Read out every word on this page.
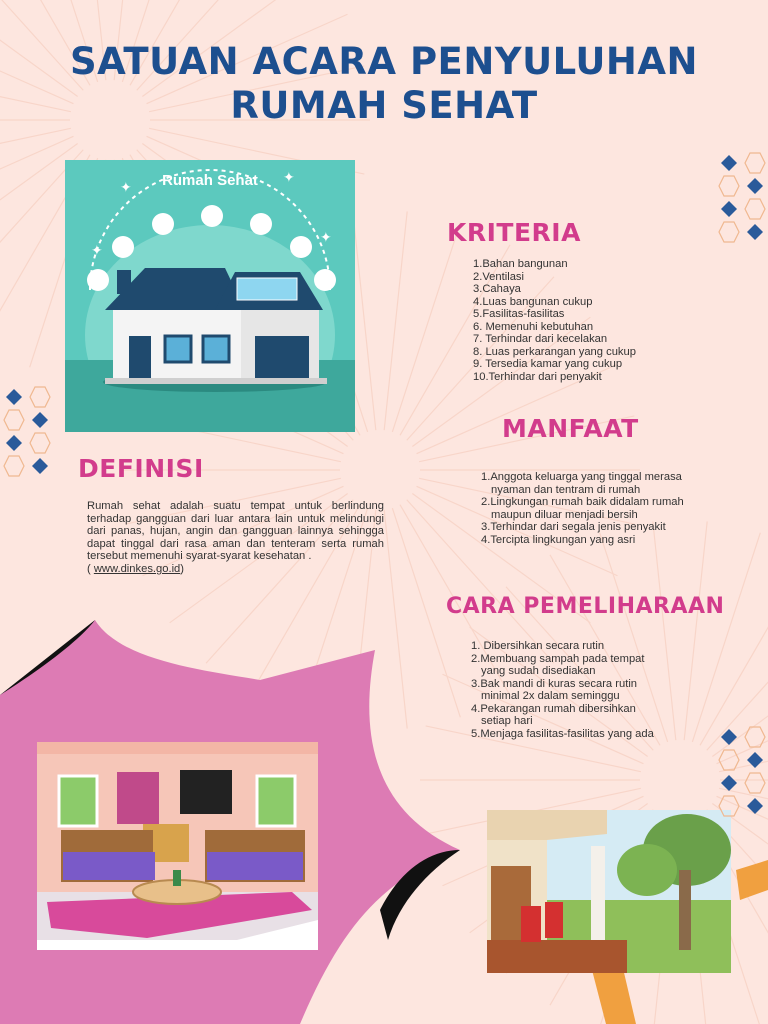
SATUAN ACARA PENYULUHAN
RUMAH SEHAT
✦
✦
✦
✦
Rumah Sehat
KRITERIA
1.Bahan bangunan
2.Ventilasi
3.Cahaya
4.Luas bangunan cukup
5.Fasilitas-fasilitas
6. Memenuhi kebutuhan
7. Terhindar dari kecelakan
8. Luas perkarangan yang cukup
9. Tersedia kamar yang cukup
10.Terhindar dari penyakit
MANFAAT
1.Anggota keluarga yang tinggal merasa
nyaman dan tentram di rumah
2.Lingkungan rumah baik didalam rumah
maupun diluar menjadi bersih
3.Terhindar dari segala jenis penyakit
4.Tercipta lingkungan yang asri
DEFINISI
Rumah sehat adalah suatu tempat untuk berlindung terhadap gangguan dari luar antara lain untuk melindungi dari panas, hujan, angin dan gangguan lainnya sehingga dapat tinggal dari rasa aman dan tenteram serta rumah tersebut memenuhi syarat-syarat kesehatan .
( www.dinkes.go.id)
CARA PEMELIHARAAN
1. Dibersihkan secara rutin
2.Membuang sampah pada tempat
yang sudah disediakan
3.Bak mandi di kuras secara rutin
minimal 2x dalam seminggu
4.Pekarangan rumah dibersihkan
setiap hari
5.Menjaga fasilitas-fasilitas yang ada
